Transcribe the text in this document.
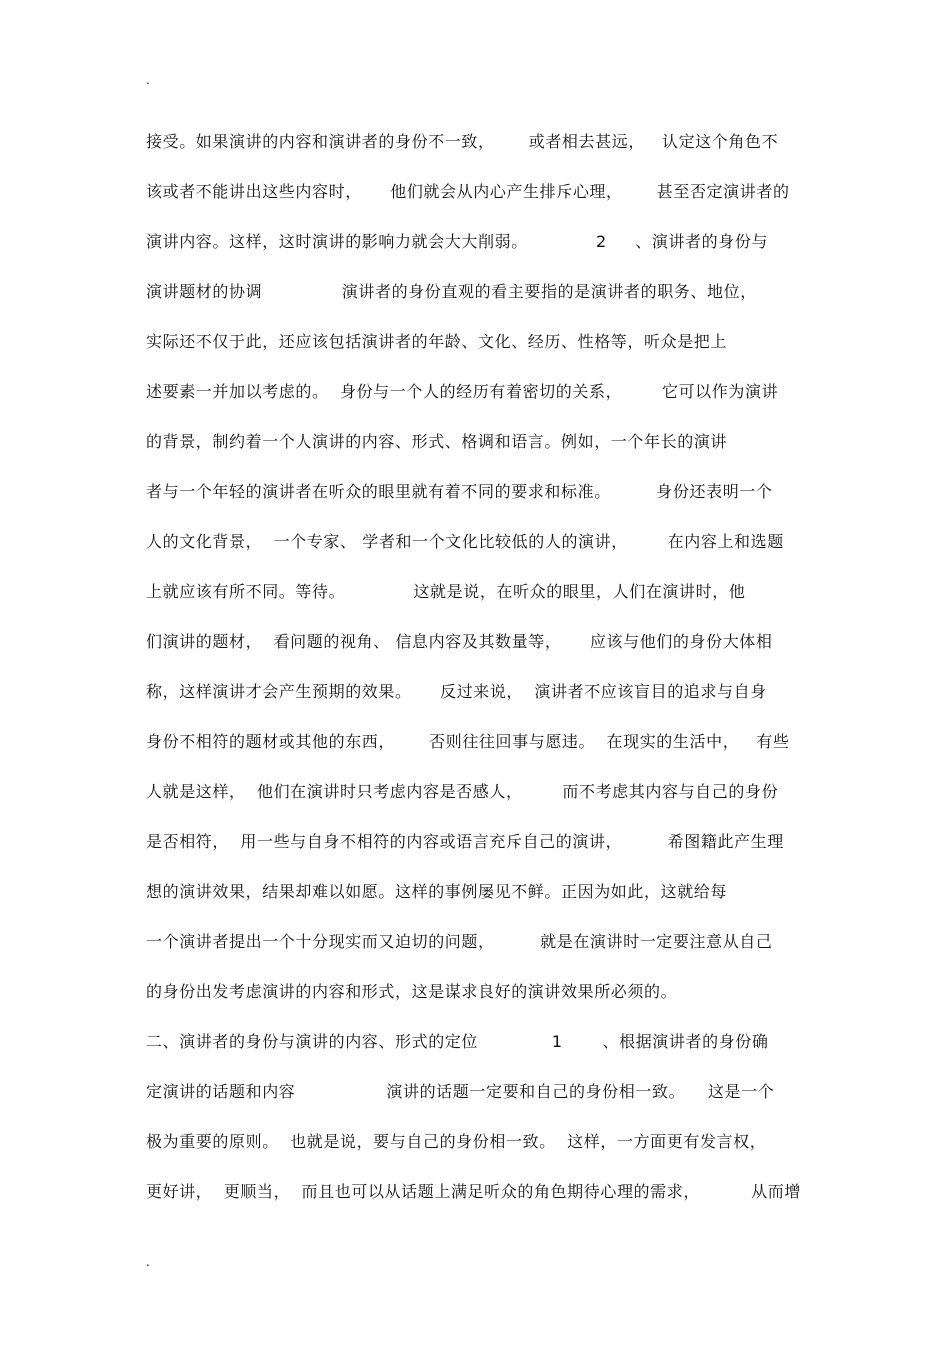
.
接受。如果演讲的内容和演讲者的身份不一致，      或者相去甚远，   认定这个角色不
该或者不能讲出这些内容时，     他们就会从内心产生排斥心理，      甚至否定演讲者的
演讲内容。这样，这时演讲的影响力就会大大削弱。            2     、演讲者的身份与
演讲题材的协调              演讲者的身份直观的看主要指的是演讲者的职务、地位，
实际还不仅于此，还应该包括演讲者的年龄、文化、经历、性格等，听众是把上
述要素一并加以考虑的。  身份与一个人的经历有着密切的关系，       它可以作为演讲
的背景，制约着一个人演讲的内容、形式、格调和语言。例如，一个年长的演讲
者与一个年轻的演讲者在听众的眼里就有着不同的要求和标准。        身份还表明一个
人的文化背景，  一个专家、 学者和一个文化比较低的人的演讲，       在内容上和选题
上就应该有所不同。等待。            这就是说，在听众的眼里，人们在演讲时，他
们演讲的题材，  看问题的视角、 信息内容及其数量等，     应该与他们的身份大体相
称，这样演讲才会产生预期的效果。     反过来说，  演讲者不应该盲目的追求与自身
身份不相符的题材或其他的东西，      否则往往回事与愿违。  在现实的生活中，   有些
人就是这样，  他们在演讲时只考虑内容是否感人，       而不考虑其内容与自己的身份
是否相符，  用一些与自身不相符的内容或语言充斥自己的演讲，        希图籍此产生理
想的演讲效果，结果却难以如愿。这样的事例屡见不鲜。正因为如此，这就给每
一个演讲者提出一个十分现实而又迫切的问题，        就是在演讲时一定要注意从自己
的身份出发考虑演讲的内容和形式，这是谋求良好的演讲效果所必须的。
二、演讲者的身份与演讲的内容、形式的定位             1       、根据演讲者的身份确
定演讲的话题和内容                演讲的话题一定要和自己的身份相一致。    这是一个
极为重要的原则。  也就是说，要与自己的身份相一致。  这样，一方面更有发言权，
更好讲，  更顺当，  而且也可以从话题上满足听众的角色期待心理的需求，         从而增
.
